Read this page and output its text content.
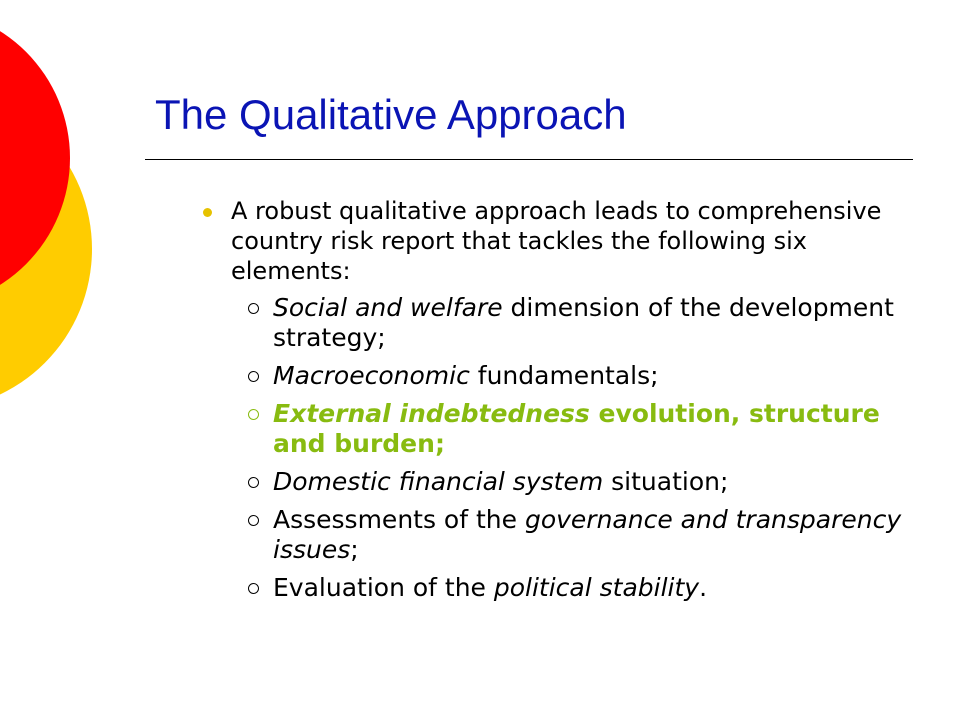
The Qualitative Approach
A robust qualitative approach leads to comprehensive country risk report that tackles the following six elements:
Social and welfare dimension of the development strategy;
Macroeconomic fundamentals;
External indebtedness evolution, structure and burden;
Domestic financial system situation;
Assessments of the governance and transparency issues;
Evaluation of the political stability.
